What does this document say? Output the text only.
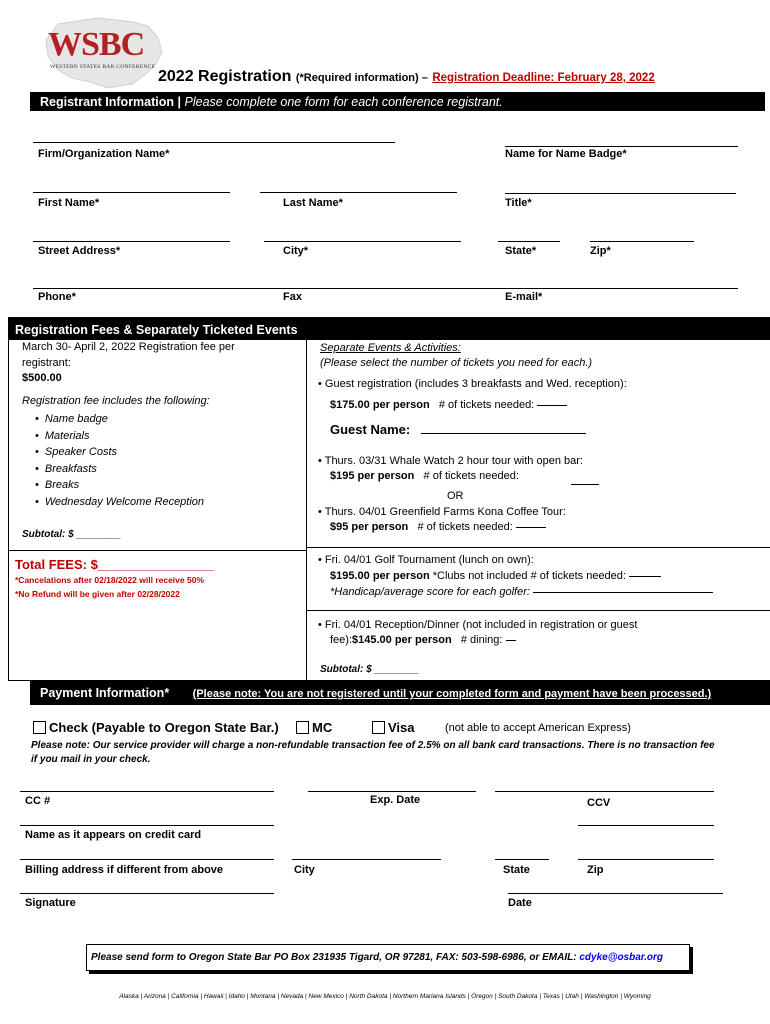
WSBC
WESTERN STATES BAR CONFERENCE
2022 Registration (*Required information) – Registration Deadline: February 28, 2022
Registrant Information | Please complete one form for each conference registrant.
Firm/Organization Name*	Name for Name Badge*
First Name*	Last Name*	Title*
Street Address*	City*	State*	Zip*
Phone*	Fax	E-mail*
Registration Fees & Separately Ticketed Events
March 30- April 2, 2022 Registration fee per
registrant:
$500.00
Registration fee includes the following:
• Name badge
• Materials
• Speaker Costs
• Breakfasts
• Breaks
• Wednesday Welcome Reception
Subtotal: $ ________
Total FEES: $________________
*Cancelations after 02/18/2022 will receive 50%
*No Refund will be given after 02/28/2022
Separate Events & Activities:
(Please select the number of tickets you need for each.)
• Guest registration (includes 3 breakfasts and Wed. reception):
$175.00 per person # of tickets needed:
Guest Name:
• Thurs. 03/31 Whale Watch 2 hour tour with open bar:
$195 per person # of tickets needed:
OR
• Thurs. 04/01 Greenfield Farms Kona Coffee Tour:
$95 per person # of tickets needed:
• Fri. 04/01 Golf Tournament (lunch on own):
$195.00 per person *Clubs not included # of tickets needed:
*Handicap/average score for each golfer:
• Fri. 04/01 Reception/Dinner (not included in registration or guest
fee):$145.00 per person # dining:
Subtotal: $ ________
Payment Information* (Please note: You are not registered until your completed form and payment have been processed.)
Check (Payable to Oregon State Bar.)	MC	Visa	(not able to accept American Express)
Please note: Our service provider will charge a non-refundable transaction fee of 2.5% on all bank card transactions. There is no transaction fee
if you mail in your check.
CC #	Exp. Date	CCV
Name as it appears on credit card
Billing address if different from above	City	State	Zip
Signature	Date
Please send form to Oregon State Bar PO Box 231935 Tigard, OR 97281, FAX: 503-598-6986, or EMAIL: cdyke@osbar.org
Alaska | Arizona | California | Hawaii | Idaho | Montana | Nevada | New Mexico | North Dakota | Northern Mariana Islands | Oregon | South Dakota | Texas | Utah | Washington | Wyoming
